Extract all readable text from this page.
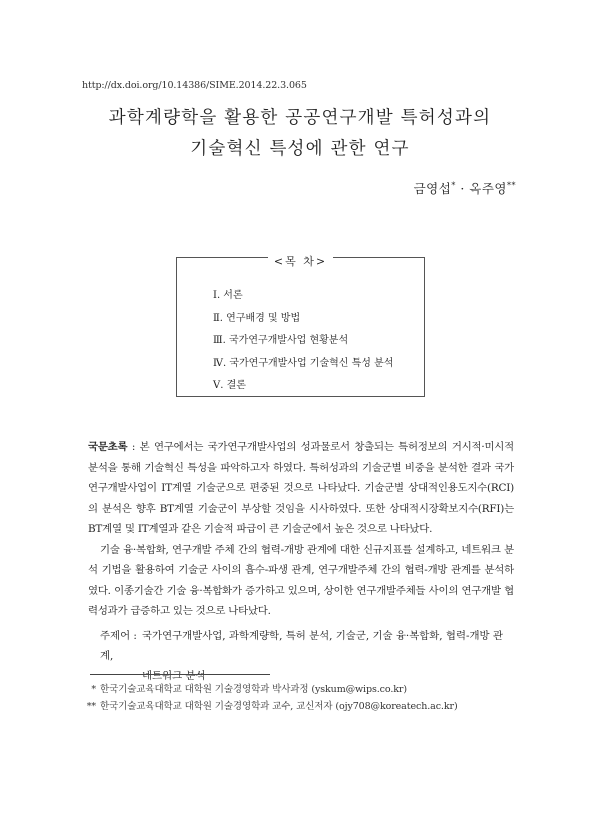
http://dx.doi.org/10.14386/SIME.2014.22.3.065
과학계량학을 활용한 공공연구개발 특허성과의
기술혁신 특성에 관한 연구
금영섭* · 옥주영**
<목 차>
Ⅰ. 서론
Ⅱ. 연구배경 및 방법
Ⅲ. 국가연구개발사업 현황분석
Ⅳ. 국가연구개발사업 기술혁신 특성 분석
Ⅴ. 결론

국문초록 : 본 연구에서는 국가연구개발사업의 성과물로서 창출되는 특허정보의 거시적·미시적 분석을 통해 기술혁신 특성을 파악하고자 하였다. 특허성과의 기술군별 비중을 분석한 결과 국가연구개발사업이 IT계열 기술군으로 편중된 것으로 나타났다. 기술군별 상대적인용도지수(RCI)의 분석은 향후 BT계열 기술군이 부상할 것임을 시사하였다. 또한 상대적시장확보지수(RFI)는 BT계열 및 IT계열과 같은 기술적 파급이 큰 기술군에서 높은 것으로 나타났다.

기술 융·복합화, 연구개발 주체 간의 협력-개방 관계에 대한 신규지표를 설계하고, 네트워크 분석 기법을 활용하여 기술군 사이의 흡수-파생 관계, 연구개발주체 간의 협력-개방 관계를 분석하였다. 이종기술간 기술 융·복합화가 증가하고 있으며, 상이한 연구개발주체들 사이의 연구개발 협력성과가 급증하고 있는 것으로 나타났다.

주제어 : 국가연구개발사업, 과학계량학, 특허 분석, 기술군, 기술 융·복합화, 협력-개방 관계,
네트워크 분석
* 한국기술교육대학교 대학원 기술경영학과 박사과정 (yskum@wips.co.kr)
** 한국기술교육대학교 대학원 기술경영학과 교수, 교신저자 (ojy708@koreatech.ac.kr)
